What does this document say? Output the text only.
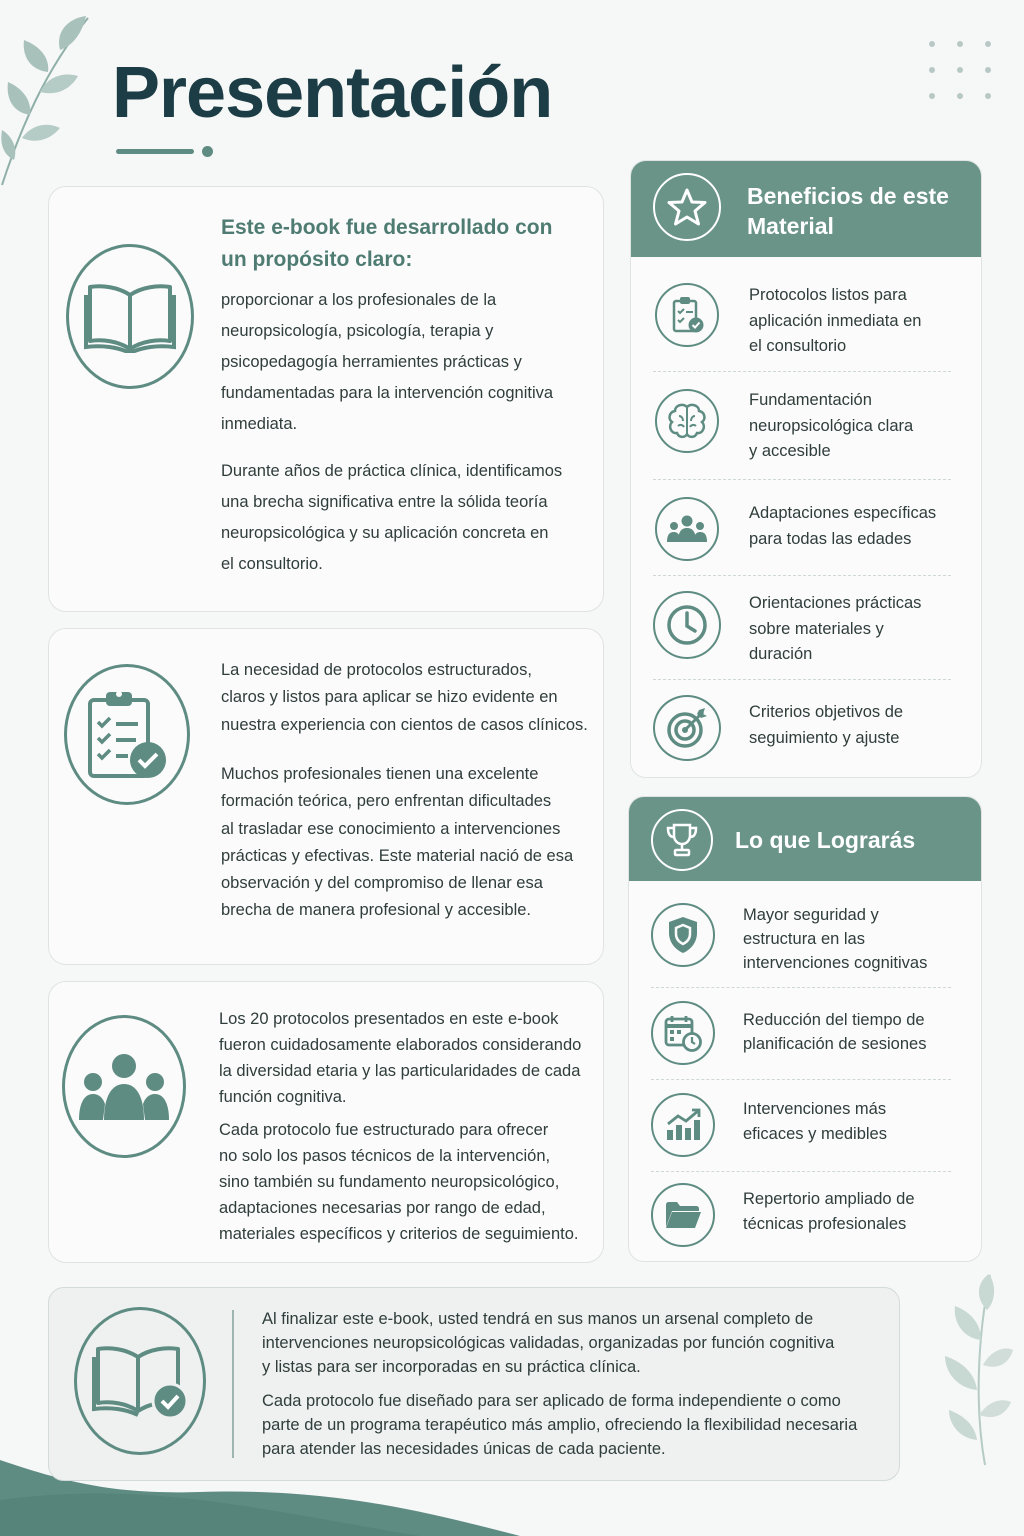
Presentación
Este e-book fue desarrollado con
un propósito claro:
proporcionar a los profesionales de la
neuropsicología, psicología, terapia y
psicopedagogía herramientes prácticas y
fundamentadas para la intervención cognitiva
inmediata.
Durante años de práctica clínica, identificamos
una brecha significativa entre la sólida teoría
neuropsicológica y su aplicación concreta en
el consultorio.
La necesidad de protocolos estructurados,
claros y listos para aplicar se hizo evidente en
nuestra experiencia con cientos de casos clínicos.
Muchos profesionales tienen una excelente
formación teórica, pero enfrentan dificultades
al trasladar ese conocimiento a intervenciones
prácticas y efectivas. Este material nació de esa
observación y del compromiso de llenar esa
brecha de manera profesional y accesible.
Los 20 protocolos presentados en este e-book
fueron cuidadosamente elaborados considerando
la diversidad etaria y las particularidades de cada
función cognitiva.
Cada protocolo fue estructurado para ofrecer
no solo los pasos técnicos de la intervención,
sino también su fundamento neuropsicológico,
adaptaciones necesarias por rango de edad,
materiales específicos y criterios de seguimiento.
Beneficios de este
Material
Protocolos listos para
aplicación inmediata en
el consultorio
Fundamentación
neuropsicológica clara
y accesible
Adaptaciones específicas
para todas las edades
Orientaciones prácticas
sobre materiales y
duración
Criterios objetivos de
seguimiento y ajuste
Lo que Lograrás
Mayor seguridad y
estructura en las
intervenciones cognitivas
Reducción del tiempo de
planificación de sesiones
Intervenciones más
eficaces y medibles
Repertorio ampliado de
técnicas profesionales
Al finalizar este e-book, usted tendrá en sus manos un arsenal completo de
intervenciones neuropsicológicas validadas, organizadas por función cognitiva
y listas para ser incorporadas en su práctica clínica.
Cada protocolo fue diseñado para ser aplicado de forma independiente o como
parte de un programa terapéutico más amplio, ofreciendo la flexibilidad necesaria
para atender las necesidades únicas de cada paciente.
